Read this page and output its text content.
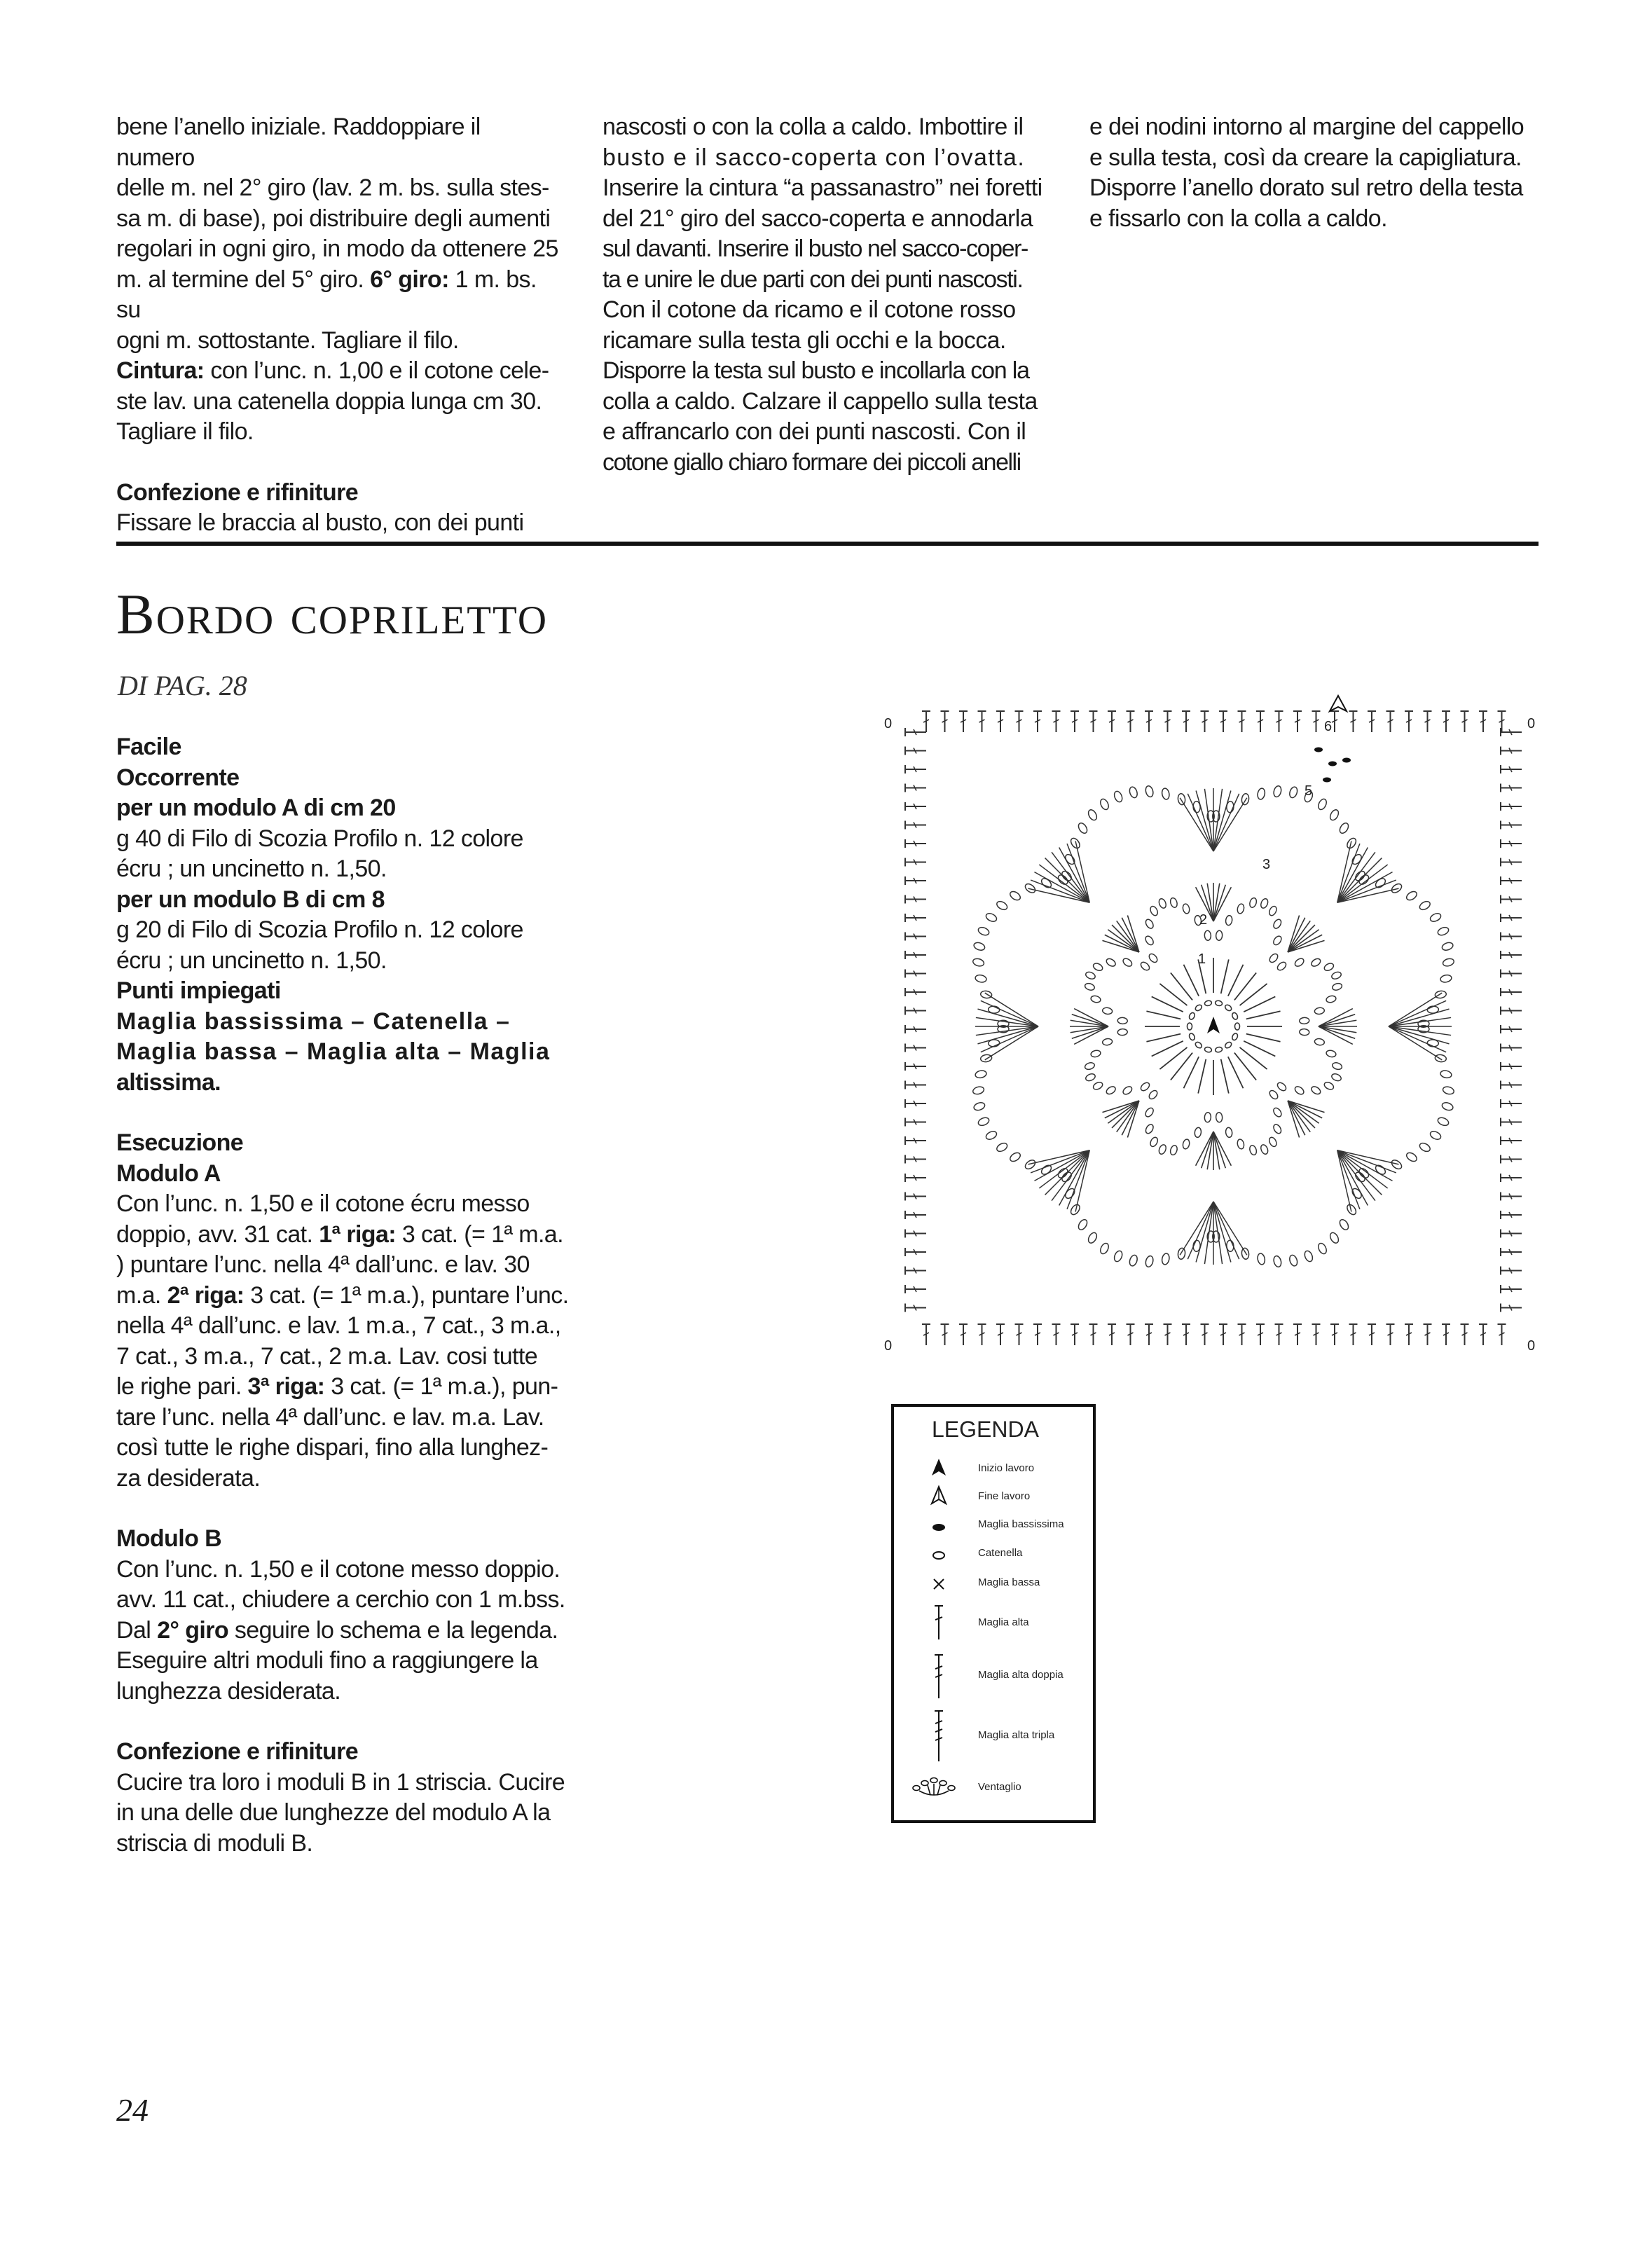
bene l’anello iniziale. Raddoppiare il numero

delle m. nel 2° giro (lav. 2 m. bs. sulla stes-

sa m. di base), poi distribuire degli aumenti

regolari in ogni giro, in modo da ottenere 25

m. al termine del 5° giro. 6° giro: 1 m. bs. su

ogni m. sottostante. Tagliare il filo.

Cintura: con l’unc. n. 1,00 e il cotone cele-

ste lav. una catenella doppia lunga cm 30.

Tagliare il filo.

Confezione e rifiniture

Fissare le braccia al busto, con dei punti

nascosti o con la colla a caldo. Imbottire il

busto e il sacco-coperta con l’ovatta.

Inserire la cintura “a passanastro” nei foretti

del 21° giro del sacco-coperta e annodarla

sul davanti. Inserire il busto nel sacco-coper-

ta e unire le due parti con dei punti nascosti.

Con il cotone da ricamo e il cotone rosso

ricamare sulla testa gli occhi e la bocca.

Disporre la testa sul busto e incollarla con la

colla a caldo. Calzare il cappello sulla testa

e affrancarlo con dei punti nascosti. Con il

cotone giallo chiaro formare dei piccoli anelli

e dei nodini intorno al margine del cappello

e sulla testa, così da creare la capigliatura.

Disporre l’anello dorato sul retro della testa

e fissarlo con la colla a caldo.

Bordo copriletto
DI PAG. 28

Facile

Occorrente

per un modulo A di cm 20

g 40 di Filo di Scozia Profilo n. 12 colore

écru ; un uncinetto n. 1,50.

per un modulo B di cm 8

g 20 di Filo di Scozia Profilo n. 12 colore

écru ; un uncinetto n. 1,50.

Punti impiegati

Maglia bassissima – Catenella –

Maglia bassa – Maglia alta – Maglia

altissima.

Esecuzione

Modulo A

Con l’unc. n. 1,50 e il cotone écru messo

doppio, avv. 31 cat. 1ª riga: 3 cat. (= 1ª m.a.

) puntare l’unc. nella 4ª dall’unc. e lav. 30

m.a. 2ª riga: 3 cat. (= 1ª m.a.), puntare l’unc.

nella 4ª dall’unc. e lav. 1 m.a., 7 cat., 3 m.a.,

7 cat., 3 m.a., 7 cat., 2 m.a. Lav. cosi tutte

le righe pari. 3ª riga: 3 cat. (= 1ª m.a.), pun-

tare l’unc. nella 4ª dall’unc. e lav. m.a. Lav.

così tutte le righe dispari, fino alla lunghez-

za desiderata.

Modulo B

Con l’unc. n. 1,50 e il cotone messo doppio.

avv. 11 cat., chiudere a cerchio con 1 m.bss.

Dal 2° giro seguire lo schema e la legenda.

Eseguire altri moduli fino a raggiungere la

lunghezza desiderata.

Confezione e rifiniture

Cucire tra loro i moduli B in 1 striscia. Cucire

in una delle due lunghezze del modulo A la

striscia di moduli B.

1
2
3
5
6
0	0
0	0
LEGENDA
Inizio lavoro
Fine lavoro
Maglia bassissima
Catenella
Maglia bassa
Maglia alta
Maglia alta doppia
Maglia alta tripla
Ventaglio
24
